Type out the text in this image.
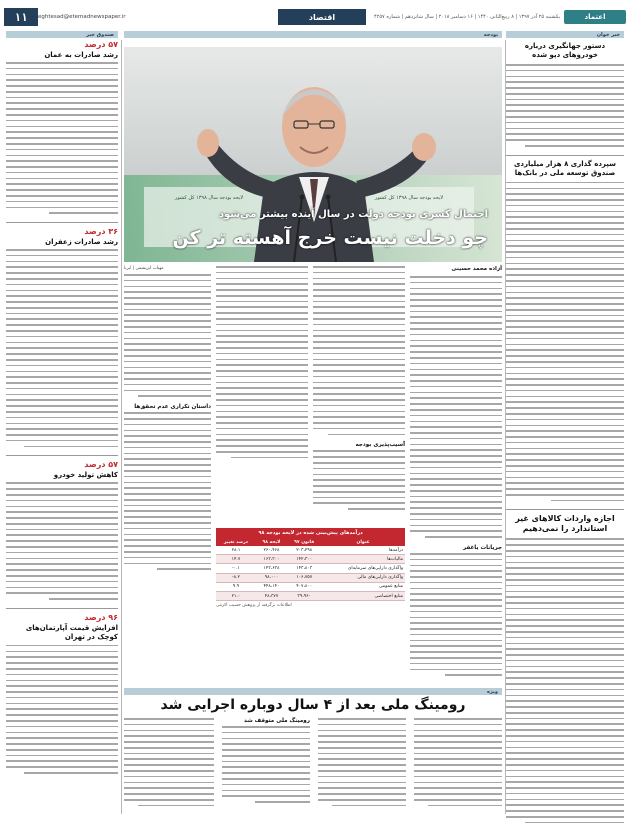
اعتماد
یکشنبه ۲۵ آذر ۱۳۹۷ | ۸ ربیع‌الثانی ۱۴۴۰ | ۱۶ دسامبر ۲۰۱۸ | سال شانزدهم | شماره ۴۲۵۷
اقتصاد
eghtesad@etemadnewspaper.ir
۱۱
خبر خوان
بودجه
صندوق خبر
دستور جهانگیری درباره خودروهای دپو شده
سپرده گذاری ۸ هزار میلیاردی صندوق توسعه ملی در بانک‌ها
اجازه واردات کالاهای غیر استاندارد را نمی‌دهیم
۵۷ درصد
رشد صادرات به عمان
۳۶ درصد
رشد صادرات زعفران
۵۷ درصد
کاهش تولید خودرو
۹۶ درصد
افزایش قیمت آپارتمان‌های کوچک در تهران
لایحه بودجه سال ۱۳۹۸ کل کشور	لایحه بودجه سال ۱۳۹۸ کل کشور
احتمال کسری بودجه دولت در سال آینده بیشتر می‌شود
چو دخلت نیست خرج آهسته تر کن
آزاده محمد حسینی
جریانات یاغفر
آسیب‌پذیری بودجه
مهتاب ابریشمی | ایرنا
داستان تکراری عدم تحقق‌ها
درآمدهای پیش‌بینی شده در لایحه بودجه ۹۸
عنوان	قانون ۹۷	لایحه ۹۸	درصد تغییر
درآمدها	۲۰۳،۲۹۸	۲۶۰،۴۶۸	۲۸.۱
مالیات‌ها	۱۴۲،۳۰۰	۱۶۳،۳۰۰	۱۴.۷
واگذاری دارایی‌های سرمایه‌ای	۱۴۳،۸۰۳	۱۴۳،۶۳۸	۰.۱-
واگذاری دارایی‌های مالی	۱۰۶،۷۵۷	۹۸،۰۰۰	۸.۲-
منابع عمومی	۴۰۷،۸۰۰	۴۴۸،۱۴۰	۹.۹
منابع اختصاصی	۳۹،۹۶۰	۴۸،۳۷۷	۲۱.۰
اطلاعات برگرفته از پژوهش حسیب اکرمی
ویژه
رومینگ ملی بعد از ۴ سال دوباره اجرایی شد
رومینگ ملی متوقف شد
